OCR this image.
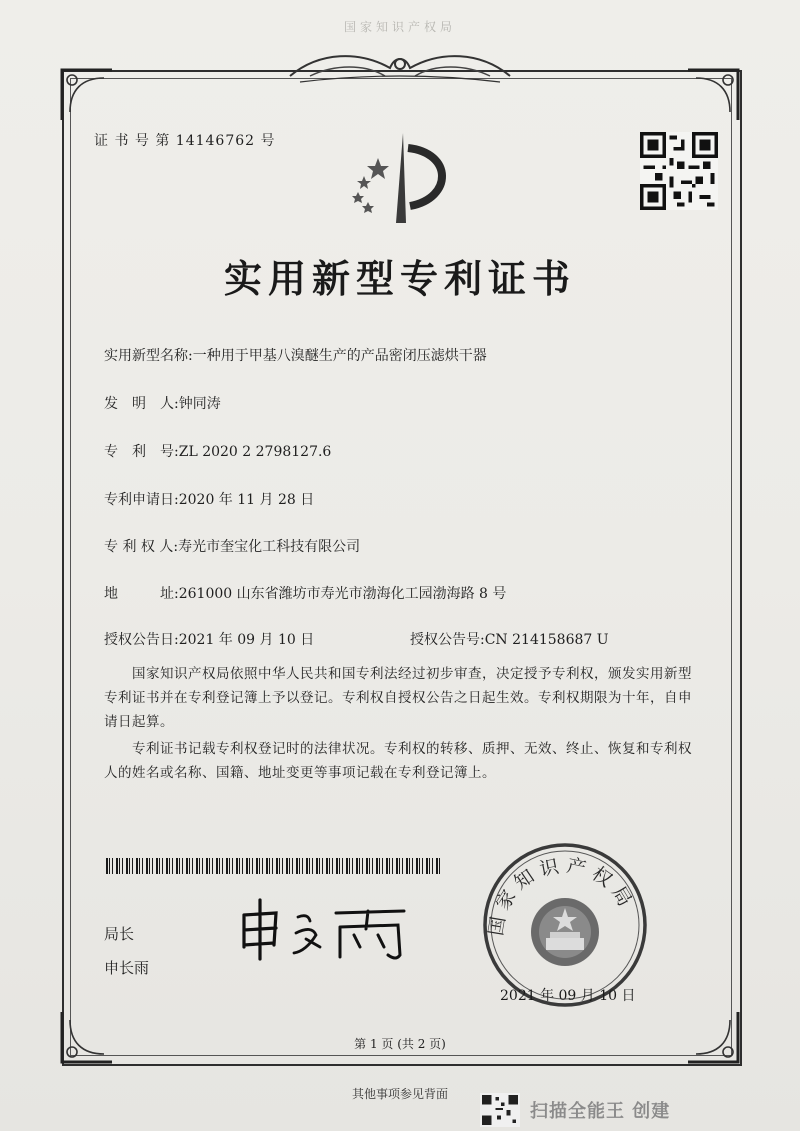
国家知识产权局
证 书 号 第 14146762 号
实用新型专利证书
实用新型名称:一种用于甲基八溴醚生产的产品密闭压滤烘干器
发　明　人:钟同涛
专　利　号:ZL 2020 2 2798127.6
专利申请日:2020 年 11 月 28 日
专 利 权 人:寿光市奎宝化工科技有限公司
地　　　址:261000 山东省潍坊市寿光市渤海化工园渤海路 8 号
授权公告日:2021 年 09 月 10 日	授权公告号:CN 214158687 U
国家知识产权局依照中华人民共和国专利法经过初步审查，决定授予专利权，颁发实用新型专利证书并在专利登记簿上予以登记。专利权自授权公告之日起生效。专利权期限为十年，自申请日起算。
专利证书记载专利权登记时的法律状况。专利权的转移、质押、无效、终止、恢复和专利权人的姓名或名称、国籍、地址变更等事项记载在专利登记簿上。
局长
申长雨
国家知识产权局
2021 年 09 月 10 日
第 1 页 (共 2 页)
其他事项参见背面
扫描全能王 创建
